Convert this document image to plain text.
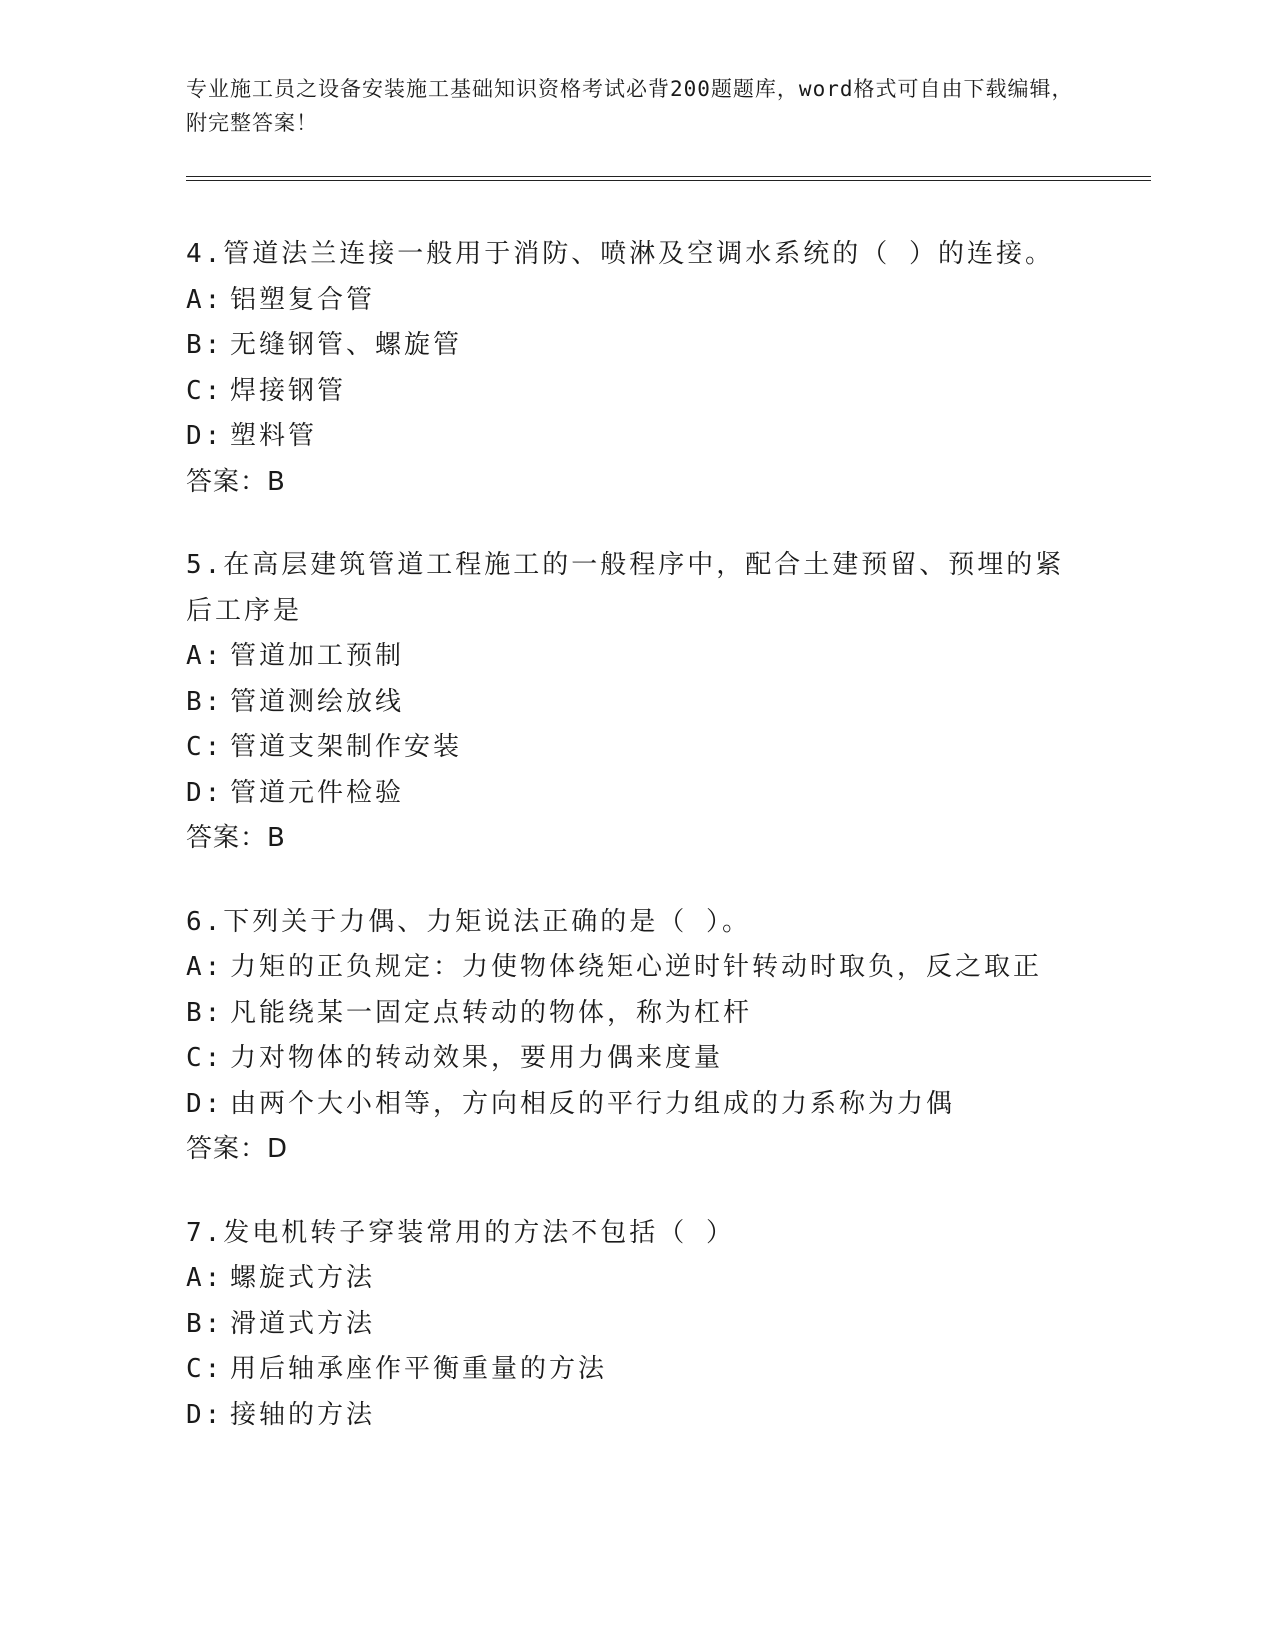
专业施工员之设备安装施工基础知识资格考试必背200题题库，word格式可自由下载编辑，附完整答案！
4.管道法兰连接一般用于消防、喷淋及空调水系统的（ ）的连接。
A: 铝塑复合管
B: 无缝钢管、螺旋管
C: 焊接钢管
D: 塑料管
答案：B
5.在高层建筑管道工程施工的一般程序中，配合土建预留、预埋的紧后工序是
A: 管道加工预制
B: 管道测绘放线
C: 管道支架制作安装
D: 管道元件检验
答案：B
6.下列关于力偶、力矩说法正确的是（ ）。
A: 力矩的正负规定：力使物体绕矩心逆时针转动时取负，反之取正
B: 凡能绕某一固定点转动的物体，称为杠杆
C: 力对物体的转动效果，要用力偶来度量
D: 由两个大小相等，方向相反的平行力组成的力系称为力偶
答案：D
7.发电机转子穿装常用的方法不包括（ ）
A: 螺旋式方法
B: 滑道式方法
C: 用后轴承座作平衡重量的方法
D: 接轴的方法
